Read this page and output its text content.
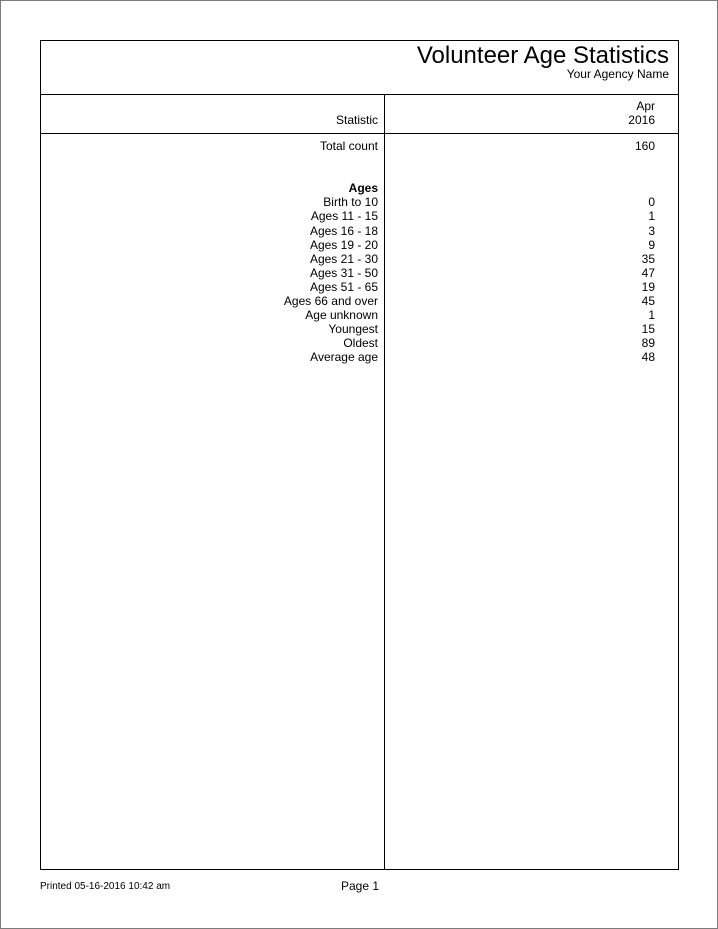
Volunteer Age Statistics
Your Agency Name
Statistic
Apr
2016
Total count
Ages
Birth to 10
Ages 11 - 15
Ages 16 - 18
Ages 19 - 20
Ages 21 - 30
Ages 31 - 50
Ages 51 - 65
Ages 66 and over
Age unknown
Youngest
Oldest
Average age
160
0
1
3
9
35
47
19
45
1
15
89
48
Printed 05-16-2016 10:42 am	Page 1
